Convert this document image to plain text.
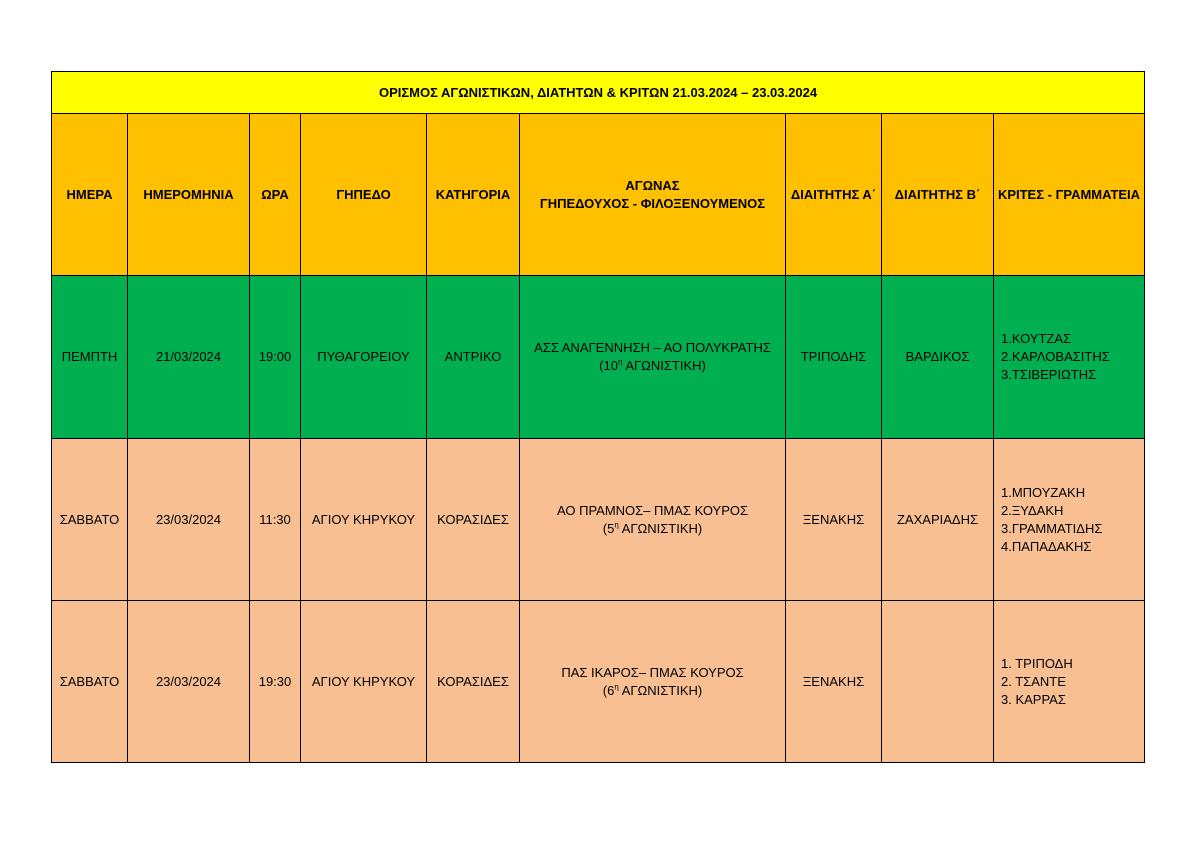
ΟΡΙΣΜΟΣ ΑΓΩΝΙΣΤΙΚΩΝ, ΔΙΑΤΗΤΩΝ & ΚΡΙΤΩΝ 21.03.2024 – 23.03.2024								
ΗΜΕΡΑ	ΗΜΕΡΟΜΗΝΙΑ	ΩΡΑ	ΓΗΠΕΔΟ	ΚΑΤΗΓΟΡΙΑ	ΑΓΩΝΑΣ
ΓΗΠΕΔΟΥΧΟΣ - ΦΙΛΟΞΕΝΟΥΜΕΝΟΣ	ΔΙΑΙΤΗΤΗΣ Α΄	ΔΙΑΙΤΗΤΗΣ Β΄	ΚΡΙΤΕΣ - ΓΡΑΜΜΑΤΕΙΑ
ΠΕΜΠΤΗ	21/03/2024	19:00	ΠΥΘΑΓΟΡΕΙΟΥ	ΑΝΤΡΙΚΟ	ΑΣΣ ΑΝΑΓΕΝΝΗΣΗ – ΑΟ ΠΟΛΥΚΡΑΤΗΣ
($10^\eta$ ΑΓΩΝΙΣΤΙΚΗ)	ΤΡΙΠΟΔΗΣ	ΒΑΡΔΙΚΟΣ	1.ΚΟΥΤΖΑΣ
2.ΚΑΡΛΟΒΑΣΙΤΗΣ
3.ΤΣΙΒΕΡΙΩΤΗΣ

ΣΑΒΒΑΤΟ	23/03/2024	11:30	ΑΓΙΟΥ ΚΗΡΥΚΟΥ	ΚΟΡΑΣΙΔΕΣ	ΑΟ ΠΡΑΜΝΟΣ– ΠΜΑΣ ΚΟΥΡΟΣ
($5^\eta$ ΑΓΩΝΙΣΤΙΚΗ)	ΞΕΝΑΚΗΣ	ΖΑΧΑΡΙΑΔΗΣ	1.ΜΠΟΥΖΑΚΗ
2.ΞΥΔΑΚΗ
3.ΓΡΑΜΜΑΤΙΔΗΣ
4.ΠΑΠΑΔΑΚΗΣ

ΣΑΒΒΑΤΟ	23/03/2024	19:30	ΑΓΙΟΥ ΚΗΡΥΚΟΥ	ΚΟΡΑΣΙΔΕΣ	ΠΑΣ ΙΚΑΡΟΣ– ΠΜΑΣ ΚΟΥΡΟΣ
($6^\eta$ ΑΓΩΝΙΣΤΙΚΗ)	ΞΕΝΑΚΗΣ		1. ΤΡΙΠΟΔΗ
2. ΤΣΑΝΤΕ
3. ΚΑΡΡΑΣ
